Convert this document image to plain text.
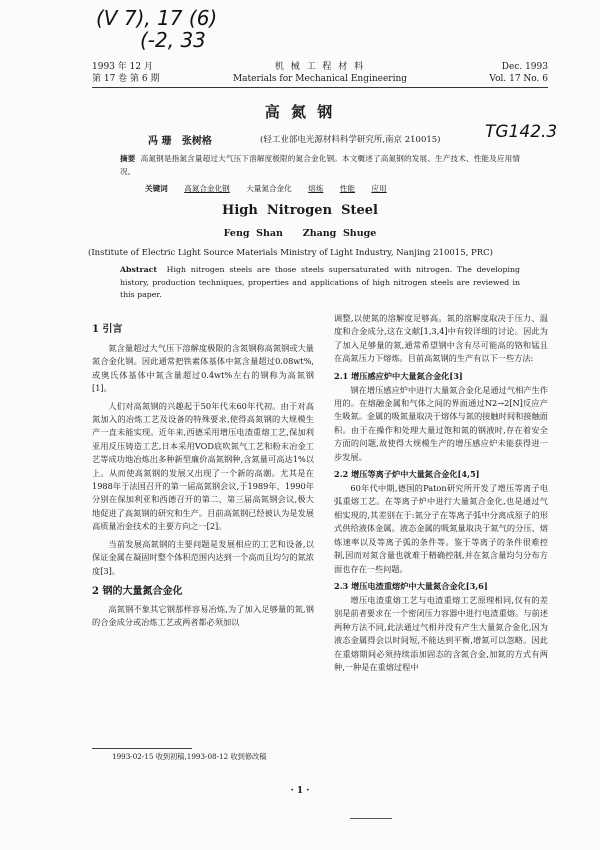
(V 7), 17 (6)
(-2, 33
1993 年 12 月
第 17 卷 第 6 期
机 械 工 程 材 料
Materials for Mechanical Engineering
Dec. 1993
Vol. 17 No. 6
高 氮 钢
冯 珊   张树格	(轻工业部电光源材料科学研究所,南京 210015)	TG142.3
摘要 高氮钢是指氮含量超过大气压下溶解度极限的氮合金化钢。本文概述了高氮钢的发展、生产技术、性能及应用情况。
关键词 高氮合金化钢 大量氮合金化 熔炼 性能 应用
High  Nitrogen  Steel
Feng  Shan      Zhang  Shuge
(Institute of Electric Light Source Materials Ministry of Light Industry, Nanjing 210015, PRC)
Abstract High nitrogen steels are those steels supersaturated with nitrogen. The developing history, production techniques, properties and applications of high nitrogen steels are reviewed in this paper.

1 引言

氮含量超过大气压下溶解度极限的含氮钢称高氮钢或大量氮合金化钢。因此通常把铁素体基体中氮含量超过0.08wt%,或奥氏体基体中氮含量超过0.4wt%左右的钢称为高氮钢[1]。

人们对高氮钢的兴趣起于50年代末60年代初。由于对高氮加入的冶炼工艺及设备的特殊要求,使得高氮钢的大规模生产一直未能实现。近年来,西德采用增压电渣重熔工艺,保加利亚用反压铸造工艺,日本采用VOD底吹氮气工艺和粉末冶金工艺等成功地冶炼出多种新型廉价高氮钢种,含氮量可高达1%以上。从而使高氮钢的发展又出现了一个新的高潮。尤其是在1988年于法国召开的第一届高氮钢会议,于1989年、1990年分别在保加利亚和西德召开的第二、第三届高氮钢会议,极大地促进了高氮钢的研究和生产。目前高氮钢已经被认为是发展高质量冶金技术的主要方向之一[2]。

当前发展高氮钢的主要问题是发展相应的工艺和设备,以保证金属在凝固时整个体积范围内达到一个高而且均匀的氮浓度[3]。

2 钢的大量氮合金化

高氮钢不象其它钢那样容易冶炼,为了加入足够量的氮,钢的合金成分或冶炼工艺或两者都必须加以

1993-02-15 收到初稿,1993-08-12 收到修改稿

调整,以使氮的溶解度足够高。氮的溶解度取决于压力、温度和合金成分,这在文献[1,3,4]中有较详细的讨论。因此为了加入足够量的氮,通常希望钢中含有尽可能高的铬和锰且在高氮压力下熔炼。目前高氮钢的生产有以下一些方法:

2.1 增压感应炉中大量氮合金化[3]

钢在增压感应炉中进行大量氮合金化是通过气相产生作用的。在熔融金属和气体之间的界面通过N2→2[N]反应产生吸氮。金属的吸氮量取决于熔体与氮的接触时间和接触面积。由于在操作和处理大量过饱和氮的钢液时,存在着安全方面的问题,故使得大规模生产的增压感应炉未能获得进一步发展。

2.2 增压等离子炉中大量氮合金化[4,5]

60年代中期,德国的Paton研究所开发了增压等离子电弧重熔工艺。在等离子炉中进行大量氮合金化,也是通过气相实现的,其差别在于:氮分子在等离子弧中分离成原子的形式供给液体金属。液态金属的吸氮量取决于氮气的分压、熔炼速率以及等离子弧的条件等。鉴于等离子的条件很难控制,因而对氮含量也就难于精确控制,并在氮含量均匀分布方面也存在一些问题。

2.3 增压电渣重熔炉中大量氮合金化[3,6]

增压电渣重熔工艺与电渣重熔工艺原理相同,仅有的差别是前者要求在一个密闭压力容器中进行电渣重熔。与前述两种方法不同,此法通过气相并没有产生大量氮合金化,因为液态金属得会以时间短,不能达到平衡,增氮可以忽略。因此在重熔期间必须持续添加固态的含氮合金,加氮的方式有两种,一种是在重熔过程中

· 1 ·
